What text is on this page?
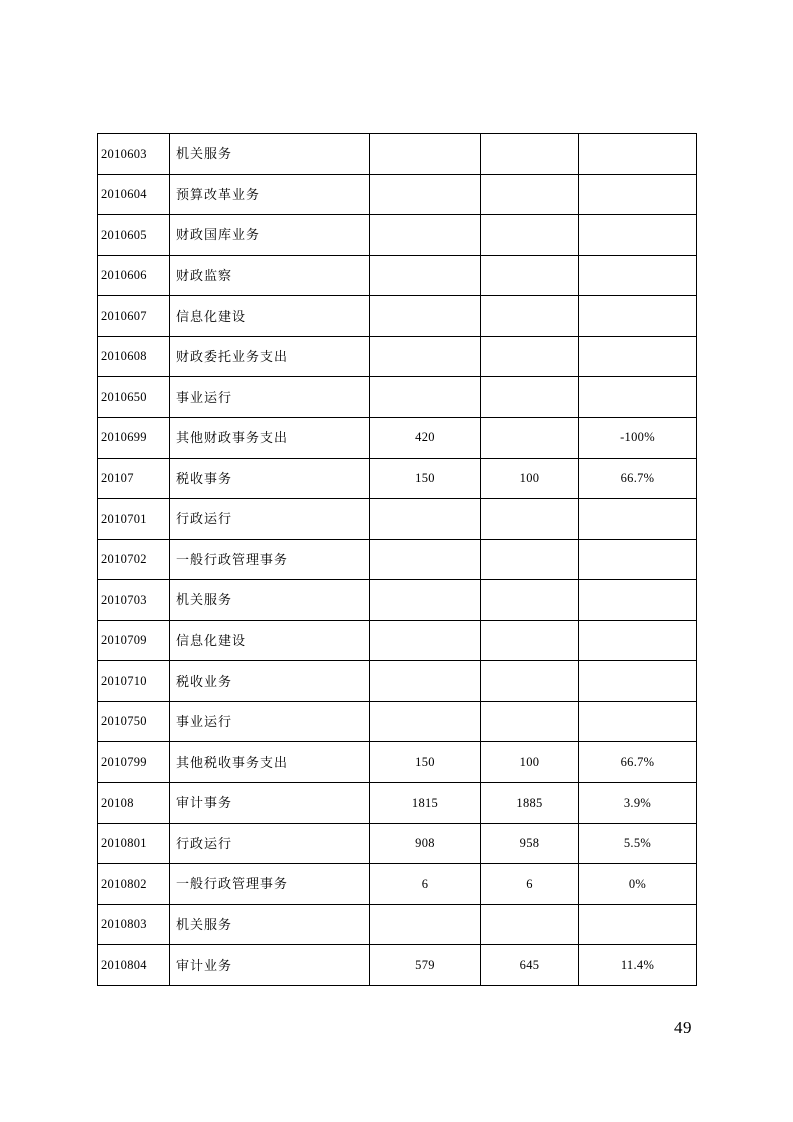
2010603	机关服务			
2010604	预算改革业务			
2010605	财政国库业务			
2010606	财政监察			
2010607	信息化建设			
2010608	财政委托业务支出			
2010650	事业运行			
2010699	其他财政事务支出	420		-100%
20107	税收事务	150	100	66.7%
2010701	行政运行			
2010702	一般行政管理事务			
2010703	机关服务			
2010709	信息化建设			
2010710	税收业务			
2010750	事业运行			
2010799	其他税收事务支出	150	100	66.7%
20108	审计事务	1815	1885	3.9%
2010801	行政运行	908	958	5.5%
2010802	一般行政管理事务	6	6	0%
2010803	机关服务			
2010804	审计业务	579	645	11.4%
49
